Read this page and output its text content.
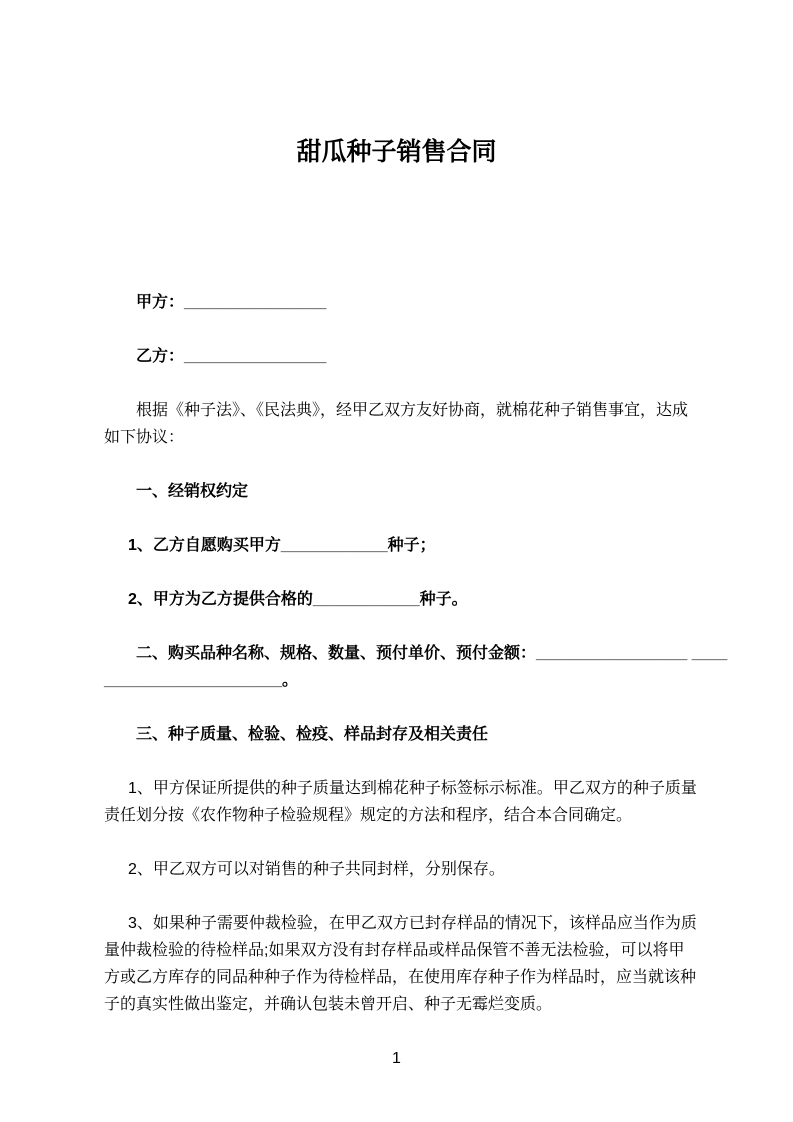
甜瓜种子销售合同

甲方：________________

乙方：________________

根据《种子法》、《民法典》，经甲乙双方友好协商，就棉花种子销售事宜，达成
如下协议：

一、经销权约定

1、乙方自愿购买甲方____________种子；

2、甲方为乙方提供合格的____________种子。

二、购买品种名称、规格、数量、预付单价、预付金额：_________________ ____
____________________。

三、种子质量、检验、检疫、样品封存及相关责任

1、甲方保证所提供的种子质量达到棉花种子标签标示标准。甲乙双方的种子质量
责任划分按《农作物种子检验规程》规定的方法和程序，结合本合同确定。

2、甲乙双方可以对销售的种子共同封样，分别保存。

3、如果种子需要仲裁检验，在甲乙双方已封存样品的情况下，该样品应当作为质
量仲裁检验的待检样品;如果双方没有封存样品或样品保管不善无法检验，可以将甲
方或乙方库存的同品种种子作为待检样品，在使用库存种子作为样品时，应当就该种
子的真实性做出鉴定，并确认包装未曾开启、种子无霉烂变质。

1
